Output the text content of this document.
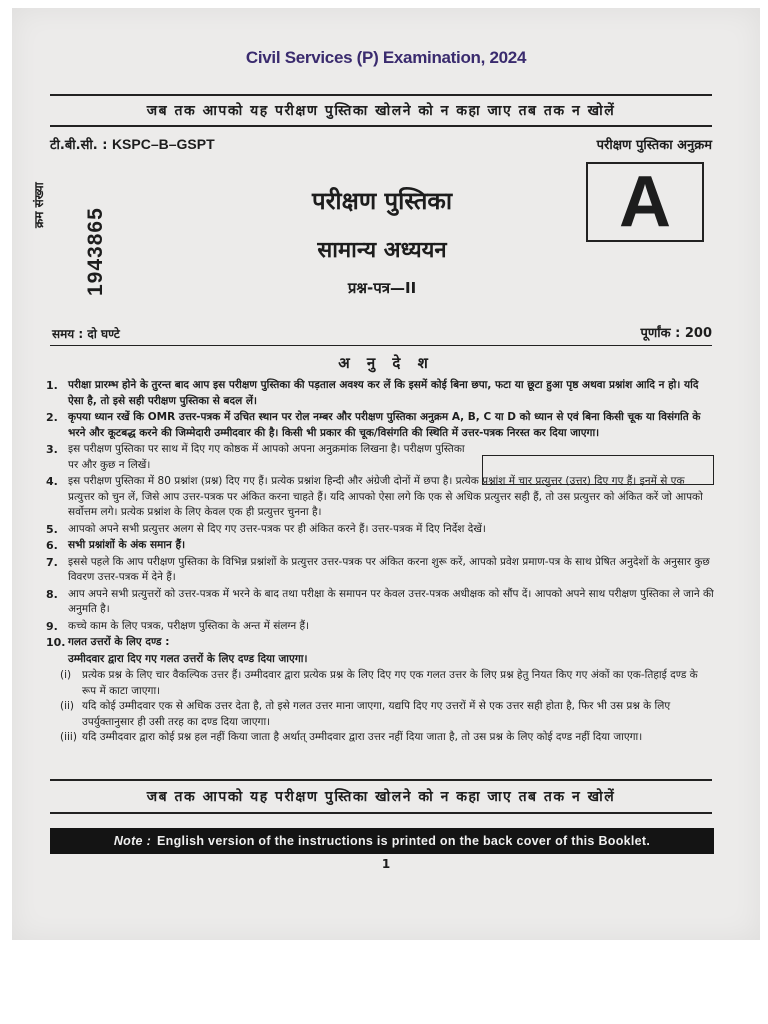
Civil Services (P) Examination, 2024
जब तक आपको यह परीक्षण पुस्तिका खोलने को न कहा जाए तब तक न खोलें
टी.बी.सी. : KSPC–B–GSPT	परीक्षण पुस्तिका अनुक्रम
क्रम संख्या
1943865
परीक्षण पुस्तिका
सामान्य अध्ययन
प्रश्न-पत्र—II
A
समय : दो घण्टे	पूर्णांक : 200
अ नु दे श
1. परीक्षा प्रारम्भ होने के तुरन्त बाद आप इस परीक्षण पुस्तिका की पड़ताल अवश्य कर लें कि इसमें कोई बिना छपा, फटा या छूटा हुआ पृष्ठ अथवा प्रश्नांश आदि न हो। यदि ऐसा है, तो इसे सही परीक्षण पुस्तिका से बदल लें।
2. कृपया ध्यान रखें कि OMR उत्तर-पत्रक में उचित स्थान पर रोल नम्बर और परीक्षण पुस्तिका अनुक्रम A, B, C या D को ध्यान से एवं बिना किसी चूक या विसंगति के भरने और कूटबद्ध करने की जिम्मेदारी उम्मीदवार की है। किसी भी प्रकार की चूक/विसंगति की स्थिति में उत्तर-पत्रक निरस्त कर दिया जाएगा।
3. इस परीक्षण पुस्तिका पर साथ में दिए गए कोष्ठक में आपको अपना अनुक्रमांक लिखना है। परीक्षण पुस्तिका पर और कुछ न लिखें।
4. इस परीक्षण पुस्तिका में 80 प्रश्नांश (प्रश्न) दिए गए हैं। प्रत्येक प्रश्नांश हिन्दी और अंग्रेजी दोनों में छपा है। प्रत्येक प्रश्नांश में चार प्रत्युत्तर (उत्तर) दिए गए हैं। इनमें से एक प्रत्युत्तर को चुन लें, जिसे आप उत्तर-पत्रक पर अंकित करना चाहते हैं। यदि आपको ऐसा लगे कि एक से अधिक प्रत्युत्तर सही हैं, तो उस प्रत्युत्तर को अंकित करें जो आपको सर्वोत्तम लगे। प्रत्येक प्रश्नांश के लिए केवल एक ही प्रत्युत्तर चुनना है।
5. आपको अपने सभी प्रत्युत्तर अलग से दिए गए उत्तर-पत्रक पर ही अंकित करने हैं। उत्तर-पत्रक में दिए निर्देश देखें।
6. सभी प्रश्नांशों के अंक समान हैं।
7. इससे पहले कि आप परीक्षण पुस्तिका के विभिन्न प्रश्नांशों के प्रत्युत्तर उत्तर-पत्रक पर अंकित करना शुरू करें, आपको प्रवेश प्रमाण-पत्र के साथ प्रेषित अनुदेशों के अनुसार कुछ विवरण उत्तर-पत्रक में देने हैं।
8. आप अपने सभी प्रत्युत्तरों को उत्तर-पत्रक में भरने के बाद तथा परीक्षा के समापन पर केवल उत्तर-पत्रक अधीक्षक को सौंप दें। आपको अपने साथ परीक्षण पुस्तिका ले जाने की अनुमति है।
9. कच्चे काम के लिए पत्रक, परीक्षण पुस्तिका के अन्त में संलग्न हैं।
10. गलत उत्तरों के लिए दण्ड :
उम्मीदवार द्वारा दिए गए गलत उत्तरों के लिए दण्ड दिया जाएगा।
(i) प्रत्येक प्रश्न के लिए चार वैकल्पिक उत्तर हैं। उम्मीदवार द्वारा प्रत्येक प्रश्न के लिए दिए गए एक गलत उत्तर के लिए प्रश्न हेतु नियत किए गए अंकों का एक-तिहाई दण्ड के रूप में काटा जाएगा।
(ii) यदि कोई उम्मीदवार एक से अधिक उत्तर देता है, तो इसे गलत उत्तर माना जाएगा, यद्यपि दिए गए उत्तरों में से एक उत्तर सही होता है, फिर भी उस प्रश्न के लिए उपर्युक्तानुसार ही उसी तरह का दण्ड दिया जाएगा।
(iii) यदि उम्मीदवार द्वारा कोई प्रश्न हल नहीं किया जाता है अर्थात् उम्मीदवार द्वारा उत्तर नहीं दिया जाता है, तो उस प्रश्न के लिए कोई दण्ड नहीं दिया जाएगा।
जब तक आपको यह परीक्षण पुस्तिका खोलने को न कहा जाए तब तक न खोलें
Note : English version of the instructions is printed on the back cover of this Booklet.
1
